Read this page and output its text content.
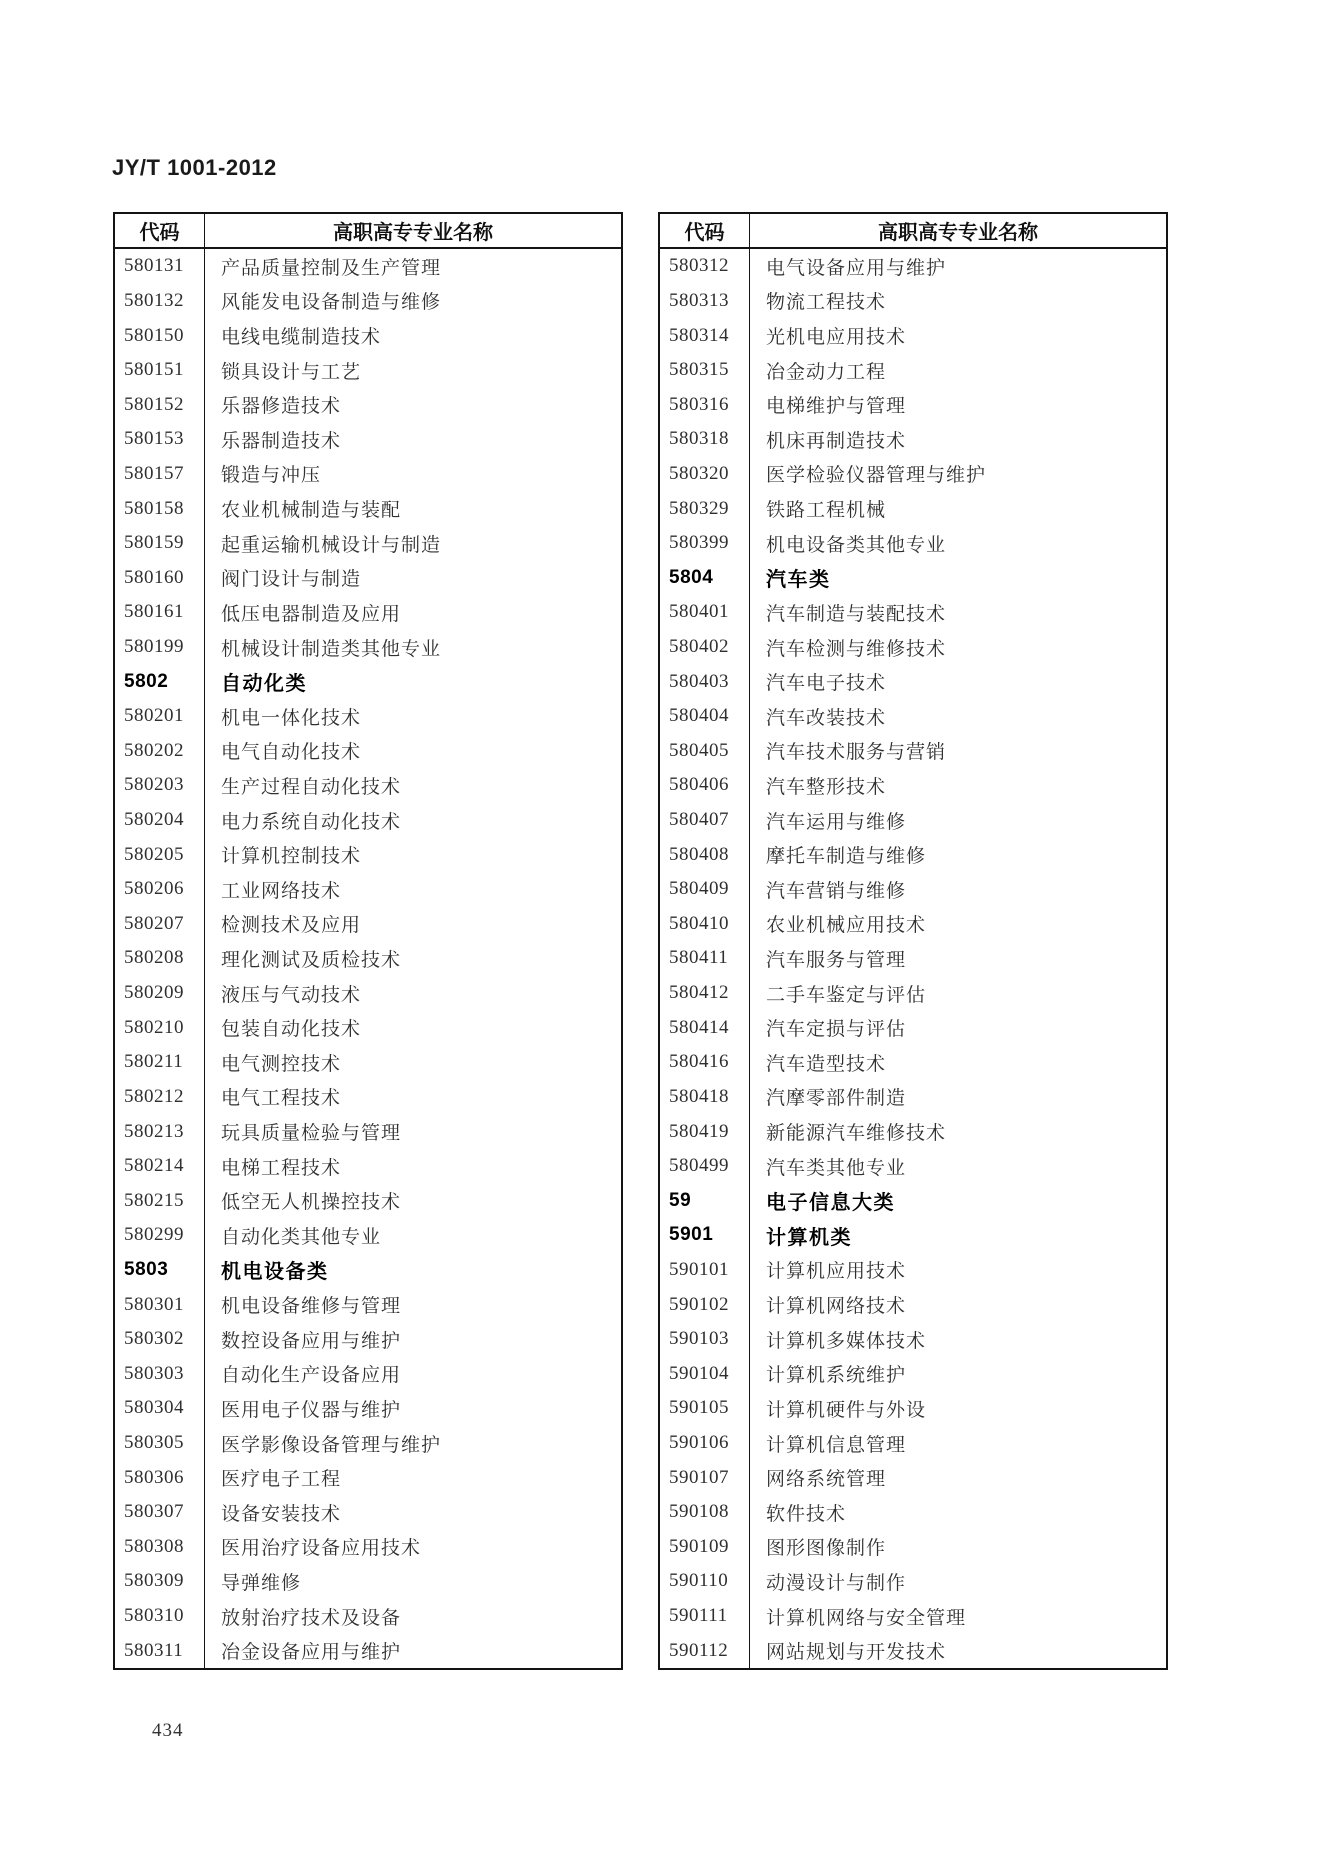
JY/T 1001-2012
代码	高职高专专业名称
580131	产品质量控制及生产管理
580132	风能发电设备制造与维修
580150	电线电缆制造技术
580151	锁具设计与工艺
580152	乐器修造技术
580153	乐器制造技术
580157	锻造与冲压
580158	农业机械制造与装配
580159	起重运输机械设计与制造
580160	阀门设计与制造
580161	低压电器制造及应用
580199	机械设计制造类其他专业
5802	自动化类
580201	机电一体化技术
580202	电气自动化技术
580203	生产过程自动化技术
580204	电力系统自动化技术
580205	计算机控制技术
580206	工业网络技术
580207	检测技术及应用
580208	理化测试及质检技术
580209	液压与气动技术
580210	包装自动化技术
580211	电气测控技术
580212	电气工程技术
580213	玩具质量检验与管理
580214	电梯工程技术
580215	低空无人机操控技术
580299	自动化类其他专业
5803	机电设备类
580301	机电设备维修与管理
580302	数控设备应用与维护
580303	自动化生产设备应用
580304	医用电子仪器与维护
580305	医学影像设备管理与维护
580306	医疗电子工程
580307	设备安装技术
580308	医用治疗设备应用技术
580309	导弹维修
580310	放射治疗技术及设备
580311	冶金设备应用与维护
代码	高职高专专业名称
580312	电气设备应用与维护
580313	物流工程技术
580314	光机电应用技术
580315	冶金动力工程
580316	电梯维护与管理
580318	机床再制造技术
580320	医学检验仪器管理与维护
580329	铁路工程机械
580399	机电设备类其他专业
5804	汽车类
580401	汽车制造与装配技术
580402	汽车检测与维修技术
580403	汽车电子技术
580404	汽车改装技术
580405	汽车技术服务与营销
580406	汽车整形技术
580407	汽车运用与维修
580408	摩托车制造与维修
580409	汽车营销与维修
580410	农业机械应用技术
580411	汽车服务与管理
580412	二手车鉴定与评估
580414	汽车定损与评估
580416	汽车造型技术
580418	汽摩零部件制造
580419	新能源汽车维修技术
580499	汽车类其他专业
59	电子信息大类
5901	计算机类
590101	计算机应用技术
590102	计算机网络技术
590103	计算机多媒体技术
590104	计算机系统维护
590105	计算机硬件与外设
590106	计算机信息管理
590107	网络系统管理
590108	软件技术
590109	图形图像制作
590110	动漫设计与制作
590111	计算机网络与安全管理
590112	网站规划与开发技术
434
